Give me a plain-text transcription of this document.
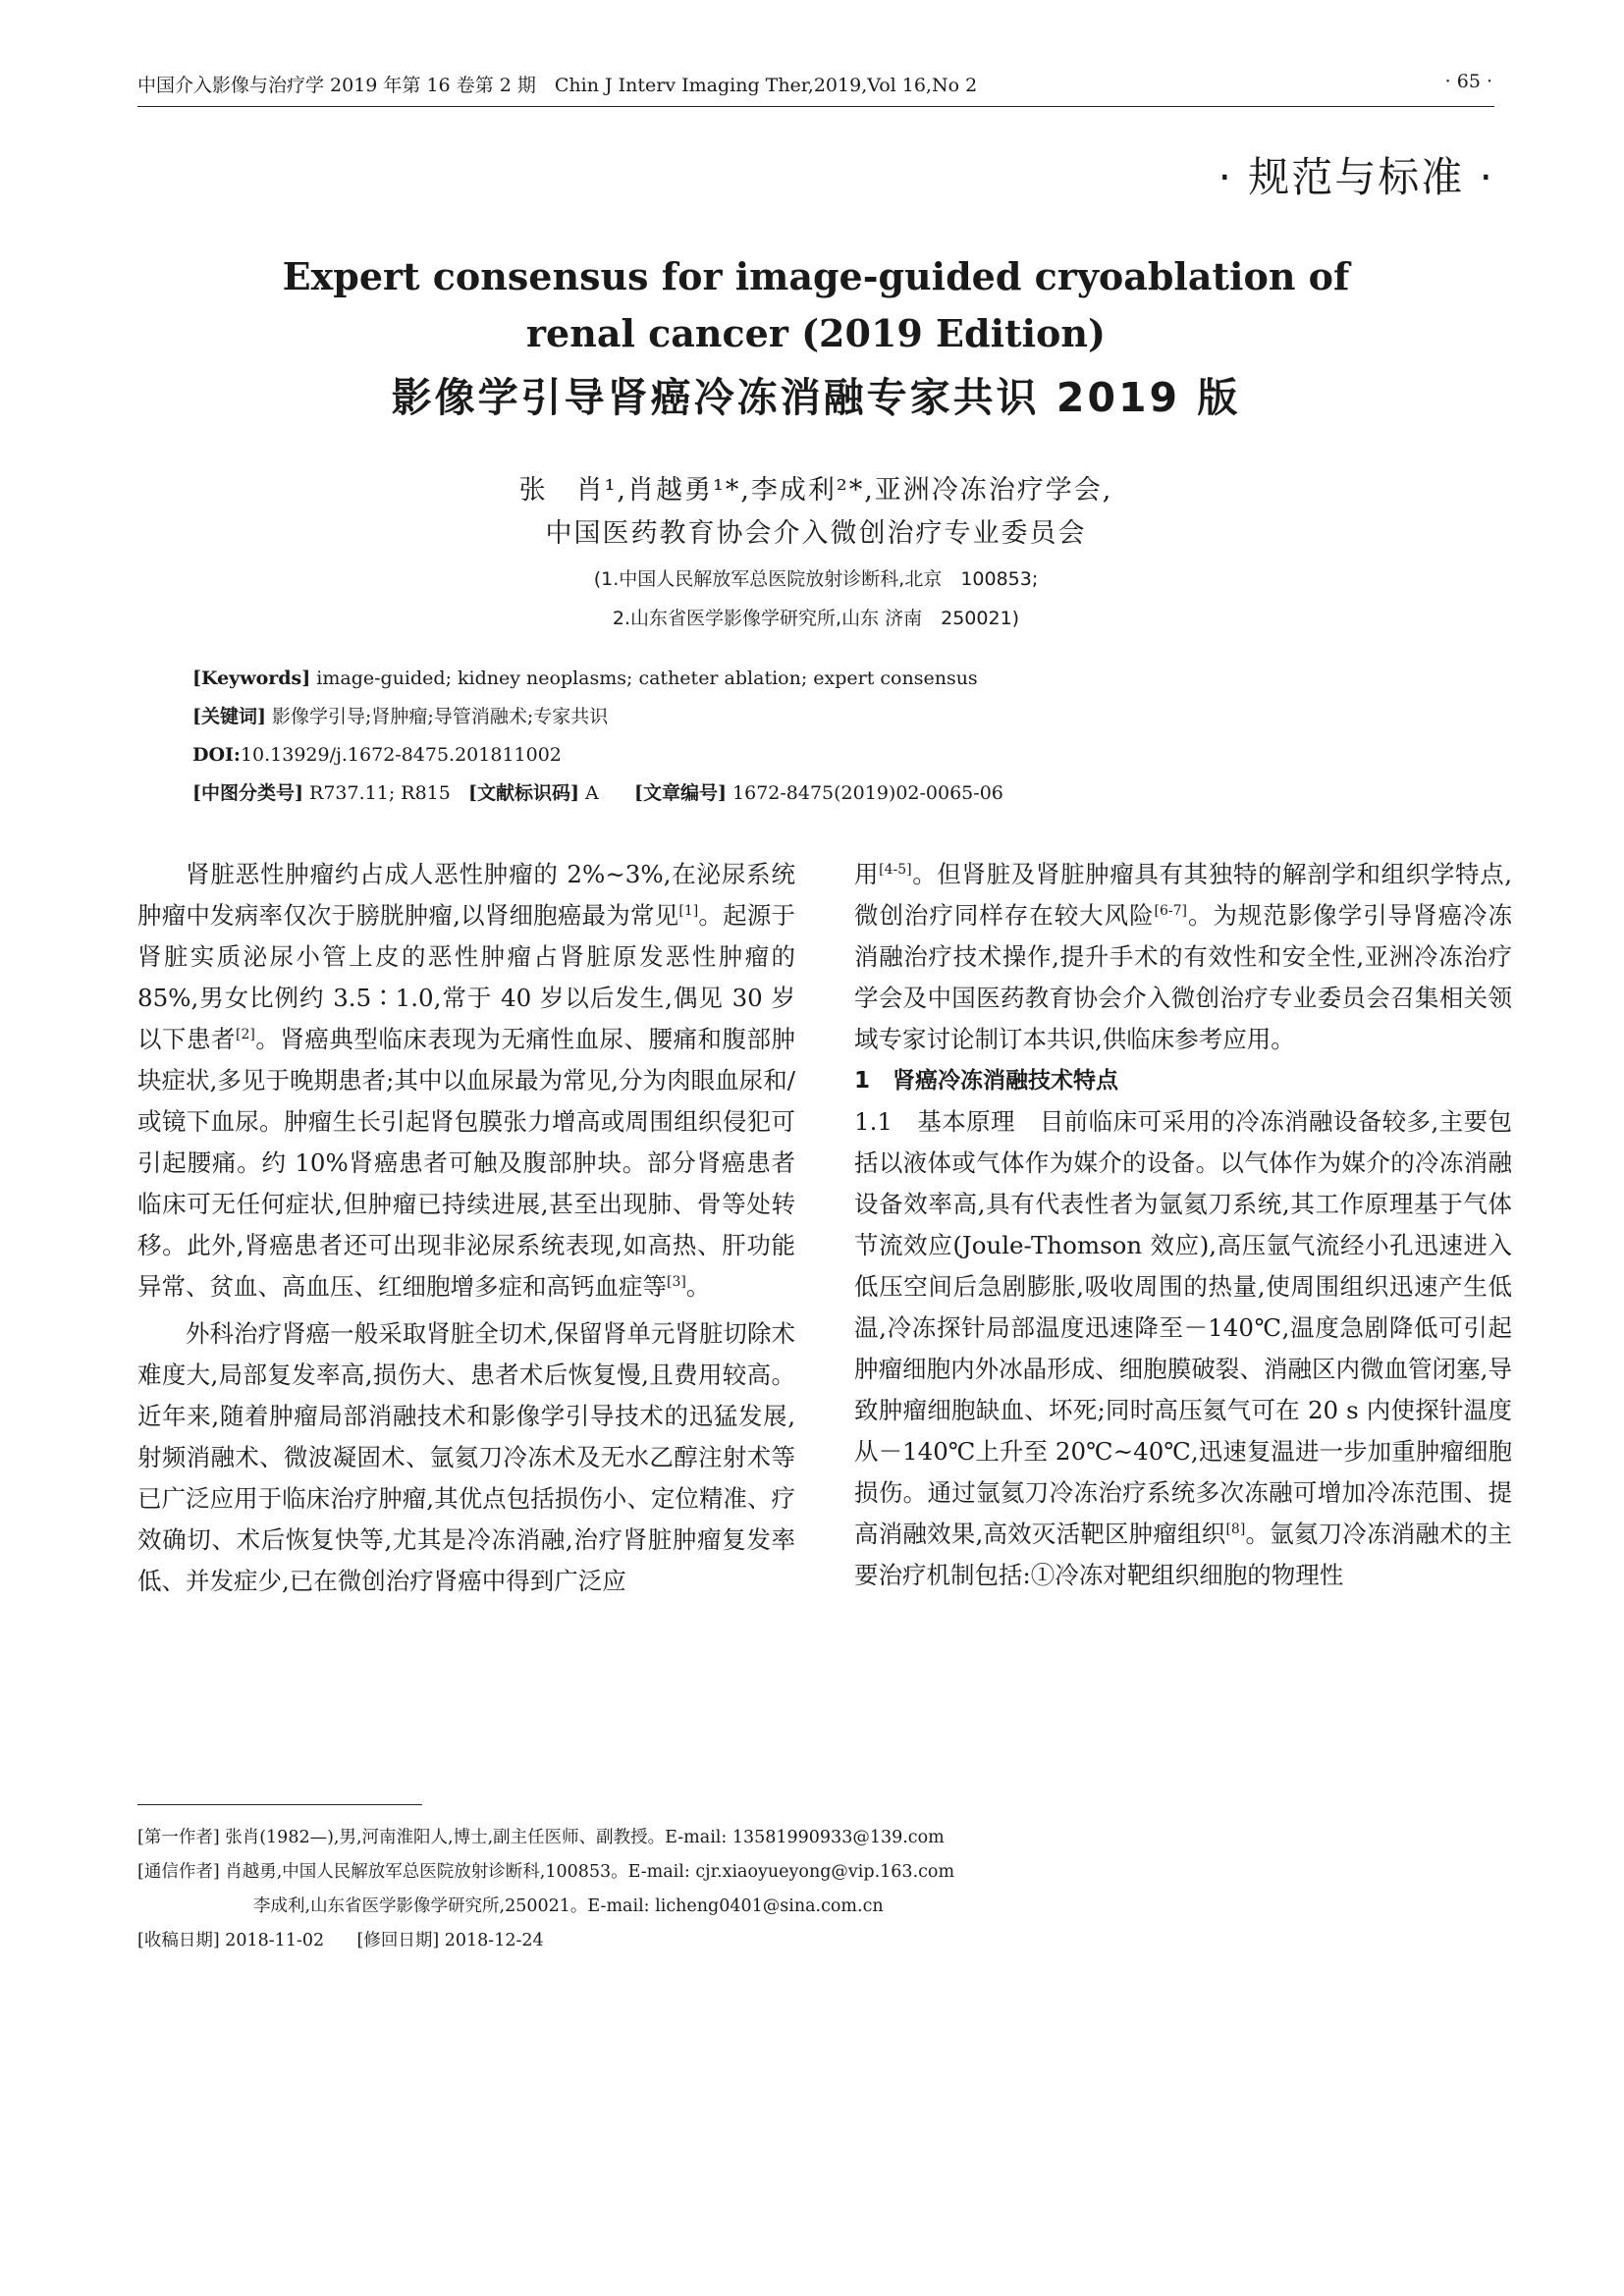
中国介入影像与治疗学 2019 年第 16 卷第 2 期　Chin J Interv Imaging Ther,2019,Vol 16,No 2	· 65 ·
· 规范与标准 ·
Expert consensus for image-guided cryoablation of
renal cancer (2019 Edition)
影像学引导肾癌冷冻消融专家共识 2019 版
张　肖¹,肖越勇¹*,李成利²*,亚洲冷冻治疗学会,
中国医药教育协会介入微创治疗专业委员会
(1.中国人民解放军总医院放射诊断科,北京　100853;
2.山东省医学影像学研究所,山东 济南　250021)
[Keywords] image-guided; kidney neoplasms; catheter ablation; expert consensus
[关键词] 影像学引导;肾肿瘤;导管消融术;专家共识
DOI:10.13929/j.1672-8475.201811002
[中图分类号] R737.11; R815 [文献标识码] A [文章编号] 1672-8475(2019)02-0065-06

肾脏恶性肿瘤约占成人恶性肿瘤的 2%~3%,在泌尿系统肿瘤中发病率仅次于膀胱肿瘤,以肾细胞癌最为常见[1]。起源于肾脏实质泌尿小管上皮的恶性肿瘤占肾脏原发恶性肿瘤的 85%,男女比例约 3.5∶1.0,常于 40 岁以后发生,偶见 30 岁以下患者[2]。肾癌典型临床表现为无痛性血尿、腰痛和腹部肿块症状,多见于晚期患者;其中以血尿最为常见,分为肉眼血尿和/或镜下血尿。肿瘤生长引起肾包膜张力增高或周围组织侵犯可引起腰痛。约 10%肾癌患者可触及腹部肿块。部分肾癌患者临床可无任何症状,但肿瘤已持续进展,甚至出现肺、骨等处转移。此外,肾癌患者还可出现非泌尿系统表现,如高热、肝功能异常、贫血、高血压、红细胞增多症和高钙血症等[3]。

外科治疗肾癌一般采取肾脏全切术,保留肾单元肾脏切除术难度大,局部复发率高,损伤大、患者术后恢复慢,且费用较高。近年来,随着肿瘤局部消融技术和影像学引导技术的迅猛发展,射频消融术、微波凝固术、氩氦刀冷冻术及无水乙醇注射术等已广泛应用于临床治疗肿瘤,其优点包括损伤小、定位精准、疗效确切、术后恢复快等,尤其是冷冻消融,治疗肾脏肿瘤复发率低、并发症少,已在微创治疗肾癌中得到广泛应

用[4-5]。但肾脏及肾脏肿瘤具有其独特的解剖学和组织学特点,微创治疗同样存在较大风险[6-7]。为规范影像学引导肾癌冷冻消融治疗技术操作,提升手术的有效性和安全性,亚洲冷冻治疗学会及中国医药教育协会介入微创治疗专业委员会召集相关领域专家讨论制订本共识,供临床参考应用。

1　肾癌冷冻消融技术特点

1.1　基本原理　目前临床可采用的冷冻消融设备较多,主要包括以液体或气体作为媒介的设备。以气体作为媒介的冷冻消融设备效率高,具有代表性者为氩氦刀系统,其工作原理基于气体节流效应(Joule-Thomson 效应),高压氩气流经小孔迅速进入低压空间后急剧膨胀,吸收周围的热量,使周围组织迅速产生低温,冷冻探针局部温度迅速降至－140℃,温度急剧降低可引起肿瘤细胞内外冰晶形成、细胞膜破裂、消融区内微血管闭塞,导致肿瘤细胞缺血、坏死;同时高压氦气可在 20 s 内使探针温度从－140℃上升至 20℃~40℃,迅速复温进一步加重肿瘤细胞损伤。通过氩氦刀冷冻治疗系统多次冻融可增加冷冻范围、提高消融效果,高效灭活靶区肿瘤组织[8]。氩氦刀冷冻消融术的主要治疗机制包括:①冷冻对靶组织细胞的物理性

[第一作者] 张肖(1982—),男,河南淮阳人,博士,副主任医师、副教授。E-mail: 13581990933@139.com
[通信作者] 肖越勇,中国人民解放军总医院放射诊断科,100853。E-mail: cjr.xiaoyueyong@vip.163.com
李成利,山东省医学影像学研究所,250021。E-mail: licheng0401@sina.com.cn
[收稿日期] 2018-11-02 [修回日期] 2018-12-24
